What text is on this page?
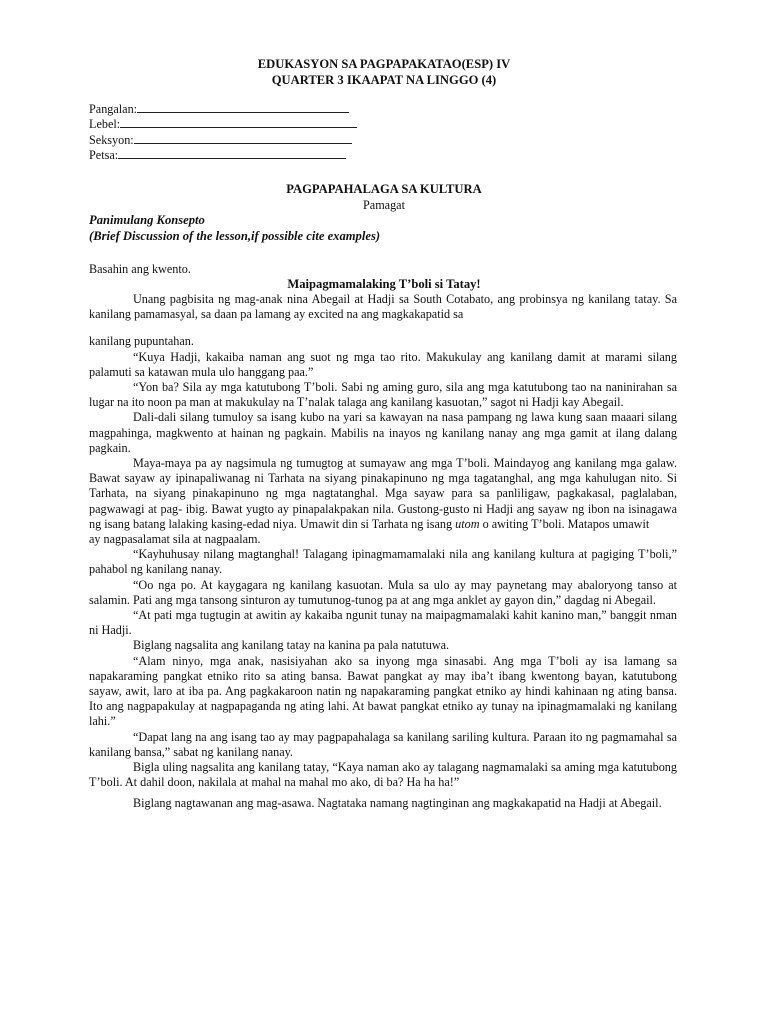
EDUKASYON SA PAGPAPAKATAO(ESP) IV
QUARTER 3 IKAAPAT NA LINGGO (4)
Pangalan:
Lebel:
Seksyon:
Petsa:
PAGPAPAHALAGA SA KULTURA
Pamagat
Panimulang Konsepto
(Brief Discussion of the lesson,if possible cite examples)
Basahin ang kwento.
Maipagmamalaking T’boli si Tatay!

Unang pagbisita ng mag-anak nina Abegail at Hadji sa South Cotabato, ang probinsya ng kanilang tatay. Sa kanilang pamamasyal, sa daan pa lamang ay excited na ang magkakapatid sa

kanilang pupuntahan.

“Kuya Hadji, kakaiba naman ang suot ng mga tao rito. Makukulay ang kanilang damit at marami silang palamuti sa katawan mula ulo hanggang paa.”

“Yon ba? Sila ay mga katutubong T’boli. Sabi ng aming guro, sila ang mga katutubong tao na naninirahan sa lugar na ito noon pa man at makukulay na T’nalak talaga ang kanilang kasuotan,” sagot ni Hadji kay Abegail.

Dali-dali silang tumuloy sa isang kubo na yari sa kawayan na nasa pampang ng lawa kung saan maaari silang magpahinga, magkwento at hainan ng pagkain. Mabilis na inayos ng kanilang nanay ang mga gamit at ilang dalang pagkain.

Maya-maya pa ay nagsimula ng tumugtog at sumayaw ang mga T’boli. Maindayog ang kanilang mga galaw. Bawat sayaw ay ipinapaliwanag ni Tarhata na siyang pinakapinuno ng mga tagatanghal, ang mga kahulugan nito. Si Tarhata, na siyang pinakapinuno ng mga nagtatanghal. Mga sayaw para sa panliligaw, pagkakasal, paglalaban, pagwawagi at pag- ibig. Bawat yugto ay pinapalakpakan nila. Gustong-gusto ni Hadji ang sayaw ng ibon na isinagawa ng isang batang lalaking kasing-edad niya. Umawit din si Tarhata ng isang utom o awiting T’boli. Matapos umawit

ay nagpasalamat sila at nagpaalam.

“Kayhuhusay nilang magtanghal! Talagang ipinagmamamalaki nila ang kanilang kultura at pagiging T’boli,” pahabol ng kanilang nanay.

“Oo nga po. At kaygagara ng kanilang kasuotan. Mula sa ulo ay may paynetang may abaloryong tanso at salamin. Pati ang mga tansong sinturon ay tumutunog-tunog pa at ang mga anklet ay gayon din,” dagdag ni Abegail.

“At pati mga tugtugin at awitin ay kakaiba ngunit tunay na maipagmamalaki kahit kanino man,” banggit nman ni Hadji.

Biglang nagsalita ang kanilang tatay na kanina pa pala natutuwa.

“Alam ninyo, mga anak, nasisiyahan ako sa inyong mga sinasabi. Ang mga T’boli ay isa lamang sa napakaraming pangkat etniko rito sa ating bansa. Bawat pangkat ay may iba’t ibang kwentong bayan, katutubong sayaw, awit, laro at iba pa. Ang pagkakaroon natin ng napakaraming pangkat etniko ay hindi kahinaan ng ating bansa. Ito ang nagpapakulay at nagpapaganda ng ating lahi. At bawat pangkat etniko ay tunay na ipinagmamalaki ng kanilang lahi.”

“Dapat lang na ang isang tao ay may pagpapahalaga sa kanilang sariling kultura. Paraan ito ng pagmamahal sa kanilang bansa,” sabat ng kanilang nanay.

Bigla uling nagsalita ang kanilang tatay, “Kaya naman ako ay talagang nagmamalaki sa aming mga katutubong T’boli. At dahil doon, nakilala at mahal na mahal mo ako, di ba? Ha ha ha!”

Biglang nagtawanan ang mag-asawa. Nagtataka namang nagtinginan ang magkakapatid na Hadji at Abegail.
